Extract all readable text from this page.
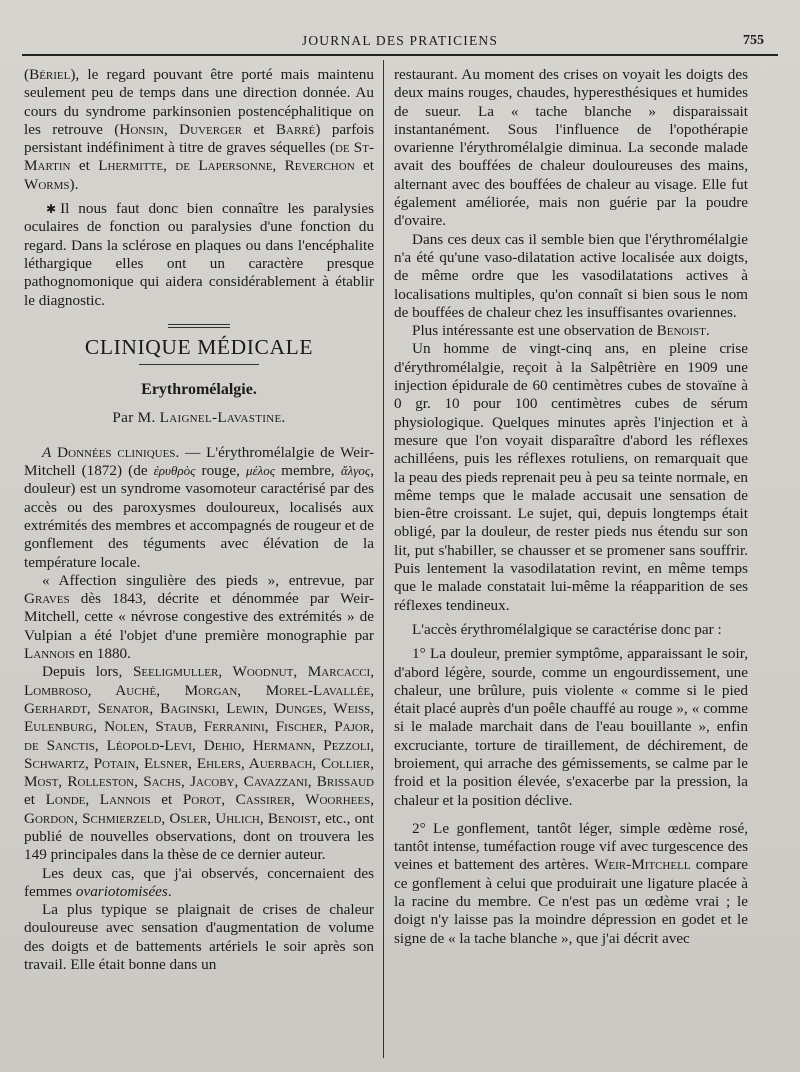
JOURNAL DES PRATICIENS	755

(Bériel), le regard pouvant être porté mais maintenu seulement peu de temps dans une direction donnée. Au cours du syndrome parkinsonien postencéphalitique on les retrouve (Honsin, Duverger et Barré) parfois persistant indéfiniment à titre de graves séquelles (de St-Martin et Lhermitte, de Lapersonne, Reverchon et Worms).

✱ Il nous faut donc bien connaître les paralysies oculaires de fonction ou paralysies d'une fonction du regard. Dans la sclérose en plaques ou dans l'encéphalite léthargique elles ont un caractère presque pathognomonique qui aidera considérablement à établir le diagnostic.

CLINIQUE MÉDICALE
Erythromélalgie.
Par M. Laignel-Lavastine.

A Données cliniques. — L'érythromélalgie de Weir-Mitchell (1872) (de ἐρυθρὸς rouge, μέλος membre, ἄλγος, douleur) est un syndrome vasomoteur caractérisé par des accès ou des paroxysmes douloureux, localisés aux extrémités des membres et accompagnés de rougeur et de gonflement des téguments avec élévation de la température locale.

« Affection singulière des pieds », entrevue, par Graves dès 1843, décrite et dénommée par Weir-Mitchell, cette « névrose congestive des extrémités » de Vulpian a été l'objet d'une première monographie par Lannois en 1880.

Depuis lors, Seeligmuller, Woodnut, Marcacci, Lombroso, Auché, Morgan, Morel-Lavallée, Gerhardt, Senator, Baginski, Lewin, Dunges, Weiss, Eulenburg, Nolen, Staub, Ferranini, Fischer, Pajor, de Sanctis, Léopold-Levi, Dehio, Hermann, Pezzoli, Schwartz, Potain, Elsner, Ehlers, Auerbach, Collier, Most, Rolleston, Sachs, Jacoby, Cavazzani, Brissaud et Londe, Lannois et Porot, Cassirer, Woorhees, Gordon, Schmierzeld, Osler, Uhlich, Benoist, etc., ont publié de nouvelles observations, dont on trouvera les 149 principales dans la thèse de ce dernier auteur.

Les deux cas, que j'ai observés, concernaient des femmes ovariotomisées.

La plus typique se plaignait de crises de chaleur douloureuse avec sensation d'augmentation de volume des doigts et de battements artériels le soir après son travail. Elle était bonne dans un

restaurant. Au moment des crises on voyait les doigts des deux mains rouges, chaudes, hyperesthésiques et humides de sueur. La « tache blanche » disparaissait instantanément. Sous l'influence de l'opothérapie ovarienne l'érythromélalgie diminua. La seconde malade avait des bouffées de chaleur douloureuses des mains, alternant avec des bouffées de chaleur au visage. Elle fut également améliorée, mais non guérie par la poudre d'ovaire.

Dans ces deux cas il semble bien que l'érythromélalgie n'a été qu'une vaso-dilatation active localisée aux doigts, de même ordre que les vasodilatations actives à localisations multiples, qu'on connaît si bien sous le nom de bouffées de chaleur chez les insuffisantes ovariennes.

Plus intéressante est une observation de Benoist.

Un homme de vingt-cinq ans, en pleine crise d'érythromélalgie, reçoit à la Salpêtrière en 1909 une injection épidurale de 60 centimètres cubes de stovaïne à 0 gr. 10 pour 100 centimètres cubes de sérum physiologique. Quelques minutes après l'injection et à mesure que l'on voyait disparaître d'abord les réflexes achilléens, puis les réflexes rotuliens, on remarquait que la peau des pieds reprenait peu à peu sa teinte normale, en même temps que le malade accusait une sensation de bien-être croissant. Le sujet, qui, depuis longtemps était obligé, par la douleur, de rester pieds nus étendu sur son lit, put s'habiller, se chausser et se promener sans souffrir. Puis lentement la vasodilatation revint, en même temps que le malade constatait lui-même la réapparition de ses réflexes tendineux.

L'accès érythromélalgique se caractérise donc par :

1° La douleur, premier symptôme, apparaissant le soir, d'abord légère, sourde, comme un engourdissement, une chaleur, une brûlure, puis violente « comme si le pied était placé auprès d'un poêle chauffé au rouge », « comme si le malade marchait dans de l'eau bouillante », enfin excruciante, torture de tiraillement, de déchirement, de broiement, qui arrache des gémissements, se calme par le froid et la position élevée, s'exacerbe par la pression, la chaleur et la position déclive.

2° Le gonflement, tantôt léger, simple œdème rosé, tantôt intense, tuméfaction rouge vif avec turgescence des veines et battement des artères. Weir-Mitchell compare ce gonflement à celui que produirait une ligature placée à la racine du membre. Ce n'est pas un œdème vrai ; le doigt n'y laisse pas la moindre dépression en godet et le signe de « la tache blanche », que j'ai décrit avec
